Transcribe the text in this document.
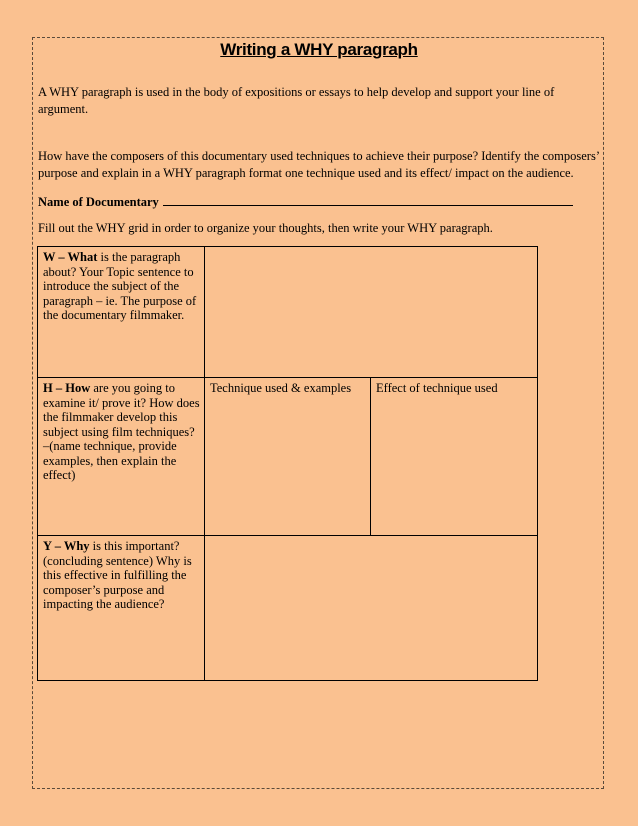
Writing a WHY paragraph
A WHY paragraph is used in the body of expositions or essays to help develop and support your line of argument.
How have the composers of this documentary used techniques to achieve their purpose? Identify the composers’ purpose and explain in a WHY paragraph format one technique used and its effect/ impact on the audience.
Name of Documentary
Fill out the WHY grid in order to organize your thoughts, then write your WHY paragraph.
W – What is the paragraph about? Your Topic sentence to introduce the subject of the paragraph – ie. The purpose of the documentary filmmaker.		
H – How are you going to examine it/ prove it? How does the filmmaker develop this subject using film techniques? –(name technique, provide examples, then explain the effect)	Technique used & examples	Effect of technique used
Y – Why is this important? (concluding sentence) Why is this effective in fulfilling the composer’s purpose and impacting the audience?		
